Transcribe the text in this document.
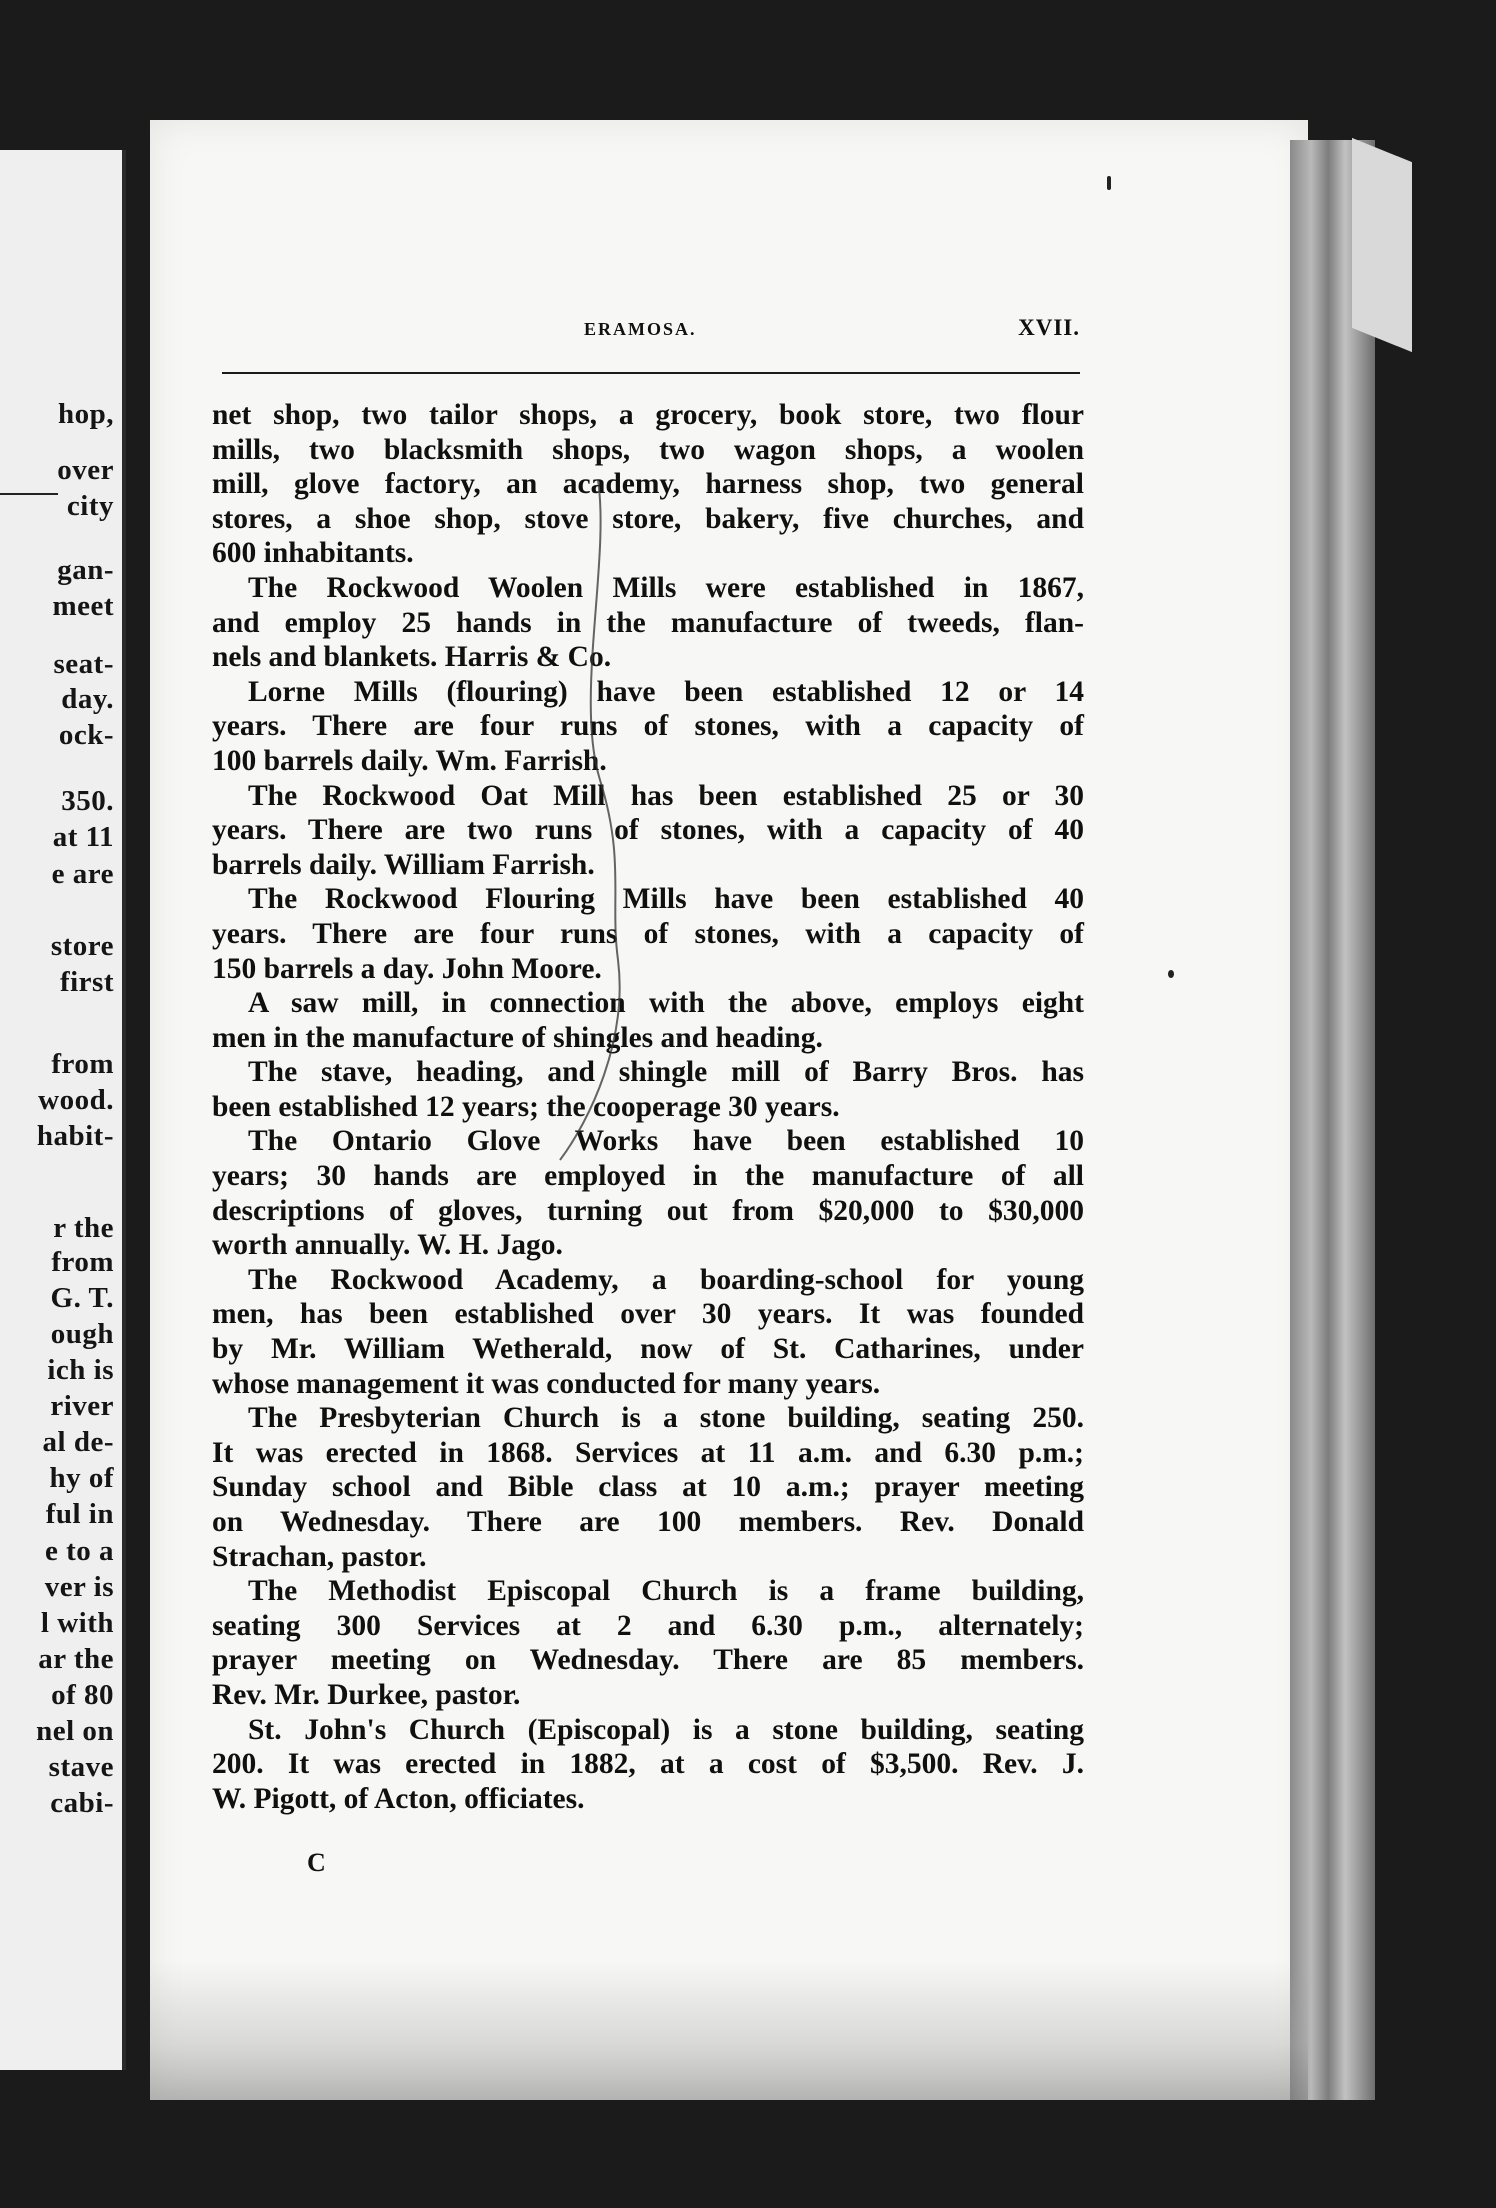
hop,
over
city
gan-
meet
seat-
day.
ock-
350.
at 11
e are
store
first
from
wood.
habit-
r the
from
G. T.
ough
ich is
river
al de-
hy of
ful in
e to a
ver is
l with
ar the
of 80
nel on
stave
cabi-
ERAMOSA.	XVII.
net shop, two tailor shops, a grocery, book store, two flour
mills, two blacksmith shops, two wagon shops, a woolen
mill, glove factory, an academy, harness shop, two general
stores, a shoe shop, stove store, bakery, five churches, and
600 inhabitants.
The Rockwood Woolen Mills were established in 1867,
and employ 25 hands in the manufacture of tweeds, flan-
nels and blankets. Harris & Co.
Lorne Mills (flouring) have been established 12 or 14
years. There are four runs of stones, with a capacity of
100 barrels daily. Wm. Farrish.
The Rockwood Oat Mill has been established 25 or 30
years. There are two runs of stones, with a capacity of 40
barrels daily. William Farrish.
The Rockwood Flouring Mills have been established 40
years. There are four runs of stones, with a capacity of
150 barrels a day. John Moore.
A saw mill, in connection with the above, employs eight
men in the manufacture of shingles and heading.
The stave, heading, and shingle mill of Barry Bros. has
been established 12 years; the cooperage 30 years.
The Ontario Glove Works have been established 10
years; 30 hands are employed in the manufacture of all
descriptions of gloves, turning out from $20,000 to $30,000
worth annually. W. H. Jago.
The Rockwood Academy, a boarding-school for young
men, has been established over 30 years. It was founded
by Mr. William Wetherald, now of St. Catharines, under
whose management it was conducted for many years.
The Presbyterian Church is a stone building, seating 250.
It was erected in 1868. Services at 11 a.m. and 6.30 p.m.;
Sunday school and Bible class at 10 a.m.; prayer meeting
on Wednesday. There are 100 members. Rev. Donald
Strachan, pastor.
The Methodist Episcopal Church is a frame building,
seating 300 Services at 2 and 6.30 p.m., alternately;
prayer meeting on Wednesday. There are 85 members.
Rev. Mr. Durkee, pastor.
St. John's Church (Episcopal) is a stone building, seating
200. It was erected in 1882, at a cost of $3,500. Rev. J.
W. Pigott, of Acton, officiates.
C
